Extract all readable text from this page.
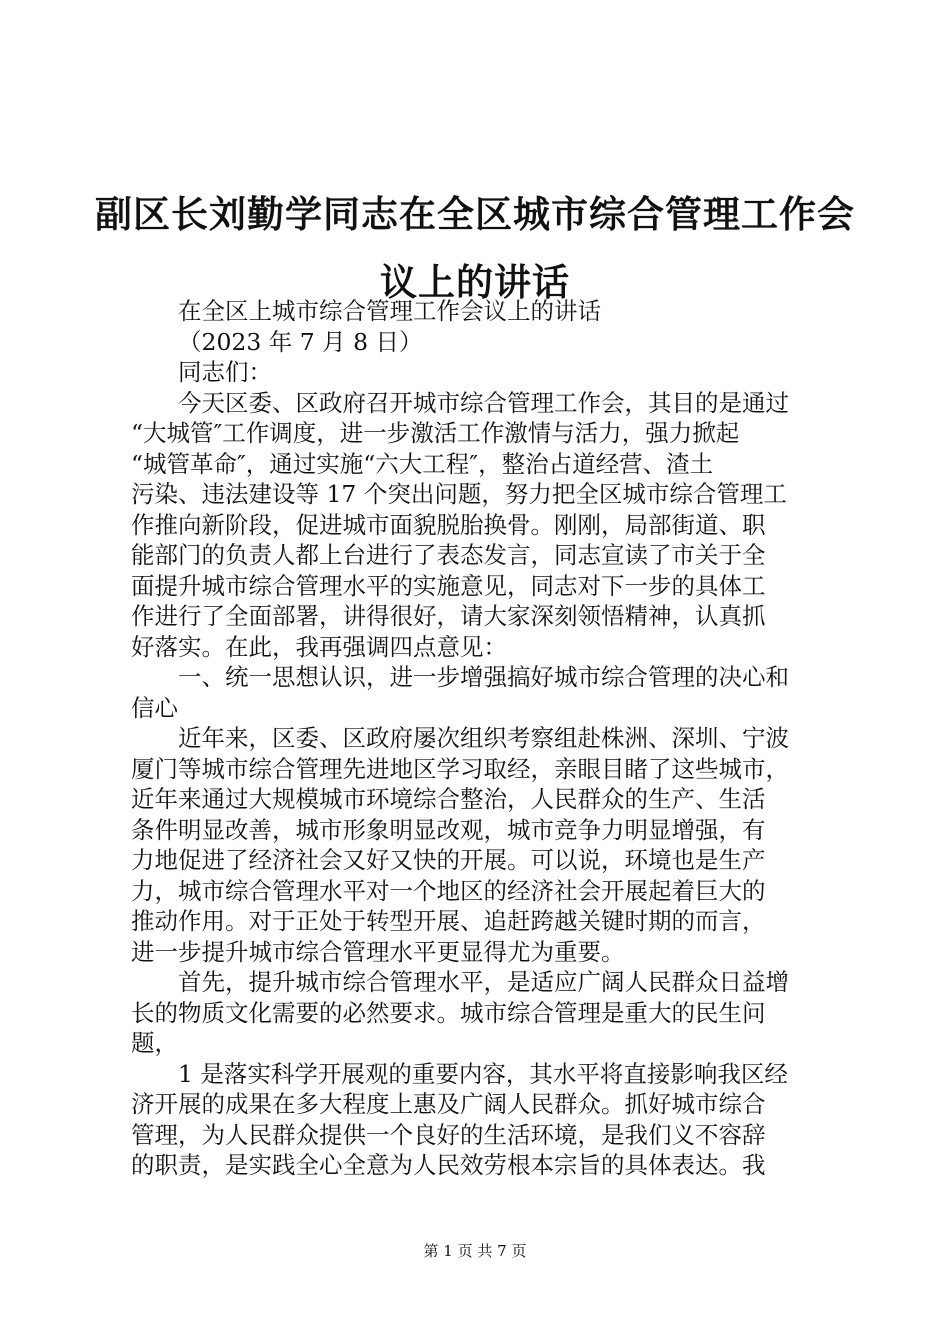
副区长刘勤学同志在全区城市综合管理工作会
议上的讲话

在全区上城市综合管理工作会议上的讲话

（2023 年 7 月 8 日）

同志们：

今天区委、区政府召开城市综合管理工作会，其目的是通过

“大城管″工作调度，进一步激活工作激情与活力，强力掀起

“城管革命″，通过实施“六大工程″，整治占道经营、渣土

污染、违法建设等 17 个突出问题，努力把全区城市综合管理工

作推向新阶段，促进城市面貌脱胎换骨。刚刚，局部街道、职

能部门的负责人都上台进行了表态发言，同志宣读了市关于全

面提升城市综合管理水平的实施意见，同志对下一步的具体工

作进行了全面部署，讲得很好，请大家深刻领悟精神，认真抓

好落实。在此，我再强调四点意见：

一、统一思想认识，进一步增强搞好城市综合管理的决心和

信心

近年来，区委、区政府屡次组织考察组赴株洲、深圳、宁波

厦门等城市综合管理先进地区学习取经，亲眼目睹了这些城市，

近年来通过大规模城市环境综合整治，人民群众的生产、生活

条件明显改善，城市形象明显改观，城市竞争力明显增强，有

力地促进了经济社会又好又快的开展。可以说，环境也是生产

力，城市综合管理水平对一个地区的经济社会开展起着巨大的

推动作用。对于正处于转型开展、追赶跨越关键时期的而言，

进一步提升城市综合管理水平更显得尤为重要。

首先，提升城市综合管理水平，是适应广阔人民群众日益增

长的物质文化需要的必然要求。城市综合管理是重大的民生问

题，

1 是落实科学开展观的重要内容，其水平将直接影响我区经

济开展的成果在多大程度上惠及广阔人民群众。抓好城市综合

管理，为人民群众提供一个良好的生活环境，是我们义不容辞

的职责，是实践全心全意为人民效劳根本宗旨的具体表达。我

第 1 页 共 7 页
